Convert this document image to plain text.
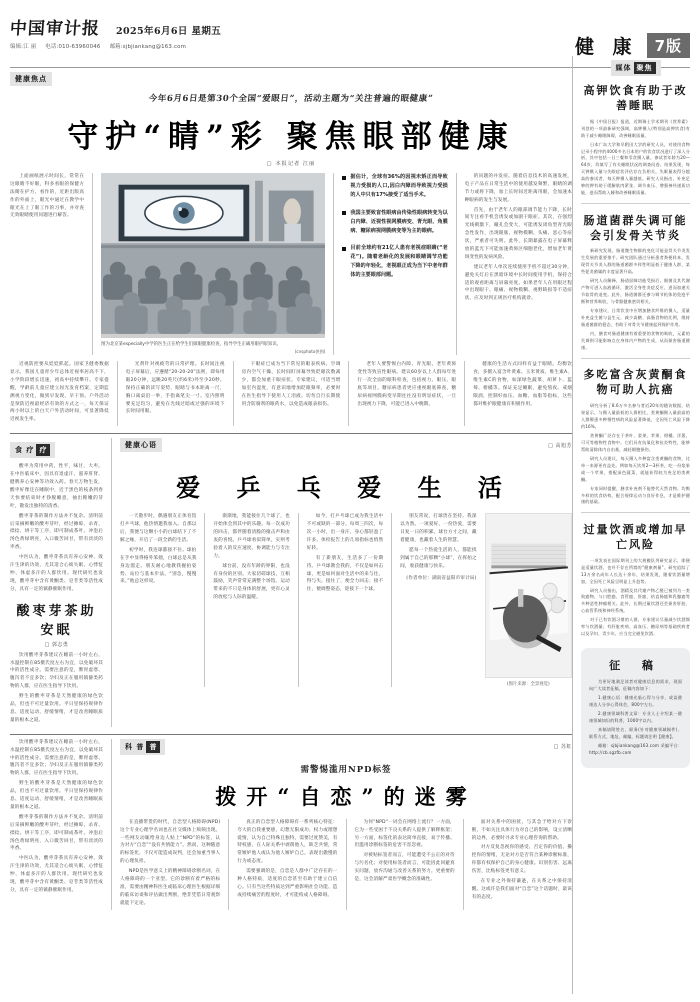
中国审计报 2025年6月6日 星期五
编辑:江 丽 电话:010-63960046 邮箱:sjbjiankang@163.com	健 康	7版
媒体 聚焦
高钾饮食有助于改善睡眠

据《中国日报》报道，近期瑞士学术期刊《营养素》刊登的一项最新研究强调，高钾摄入(特别是高钾饮食)有助于减少睡眠障碍，改善睡眠质量。

日本广岛大学和早稻田大学的研究人员，对使用食物记录小程序的4000多名日本用户的饮食状况进行了深入分析，其中包括一日三餐和零食摄入量。参试者年龄为20—64岁，均填写了有关睡眠状况的调查问卷。结果发现，每天钾摄入量与失眠症状评估存在负相关。失眠量表得分越高的参试者，每天钾摄入量越低。研究人员指出，补充足够的钾有助于缓解肌肉紧张、调节血压、增强神经递质功能，进而帮助入睡和改善睡眠质量。

肠道菌群失调可能会引发骨关节炎

新研究发现，肠道微生物群的变化可能是骨关节炎发生发展的重要推手。研究团队通过分析患者粪便样本，发现骨关节炎人群的肠道菌群多样性明显低于健康人群，某些促炎菌属的丰度显著升高。

研究人员解释，肠道屏障功能受损后，细菌及其代谢产物可进入血液循环，激活全身性炎症反应，进而加速关节软骨的退变。此外，肠道菌群还参与调节机体的免疫平衡和营养吸收，与骨骼健康密切相关。

专家建议，日常饮食中应增加膳食纤维的摄入，适量补充益生菌与益生元，减少高糖、高脂食物的比例，维持肠道菌群的稳态，有助于对骨关节健康起到保护作用。

内，膳食对肠道健康有着重要的食物的吸收，元素的失调则可能影响点在身体内产物的生成，从而损害肠道健康。

多吃富含灰黄酮食物可助人抗癌

研究分析了8.6万多名参与者近20年的随访数据，结果显示，与摄入量最低的人群相比，类黄酮摄入量最高的人群罹患多种慢性病的风险显著降低，全因死亡风险下降约16%。

类黄酮广泛存在于茶叶、浆果、苹果、柑橘、洋葱、可可等植物性食物中。它们具有抗氧化和抗炎特性，能够帮助清除体内自由基，减轻细胞损伤。

研究人员建议，每天摄入多种富含类黄酮的食物，比单一来源更有益处。例如每天饮用2—3杯茶，吃一份浆果或一个苹果，搭配深色蔬菜，就能获得较为充足的类黄酮。

专家同时提醒，膳食补充剂不能替代天然食物。均衡多样的饮食结构，配合规律运动与良好作息，才是维护健康的基础。

过量饮酒或增加早亡风险

一项发表在国际期刊上的大规模队列研究显示，即便是适量饮酒，也并不存在所谓的“健康剂量”。研究追踪了13万余名成年人长达十余年，结果发现，随着饮酒量增加，全因死亡风险呈明显上升趋势。

研究人员指出，酒精及其代谢产物乙醛已被列为一类致癌物，与口腔癌、食管癌、肝癌、结直肠癌和乳腺癌等多种恶性肿瘤相关。此外，长期过量饮酒还会损害肝脏、心血管系统和神经系统。

对于已有饮酒习惯的人群，专家建议尽量减少饮酒频率与饮酒量；有肝脏疾病、高血压、糖尿病等基础疾病者以及孕妇、青少年，应当完全避免饮酒。

征 稿

为更好地满足读者对健康信息的需求，现面向广大读者征稿，征稿内容如下：

1.健康心语：健康光临心得与分享，或谈健康达人分享心得体会，800字左右。

2.健康领域科普文章：专业人士介绍某一健康领域知识的科普，1000字以内。

来稿请附姓名、职务(针对健康领域稿件)、联系方式、地址、邮编，标题请注明【健康】。

邮箱：sjbjiankang@163.com 采编平台：http://cb.sgzfb.com

健康焦点
今年6月6日是第30个全国“爱眼日”，活动主题为“关注普遍的眼健康”
守护“睛”彩 聚焦眼部健康
□ 本报记者 江丽

上面画纸展示时间长，常常在这眼睛不好眼，科多看眼的保健方法睛在护方、看作的，近距出版高作的外面上，眼光中通过在教学中眼光在上了眼工作的习事，并对查无效眼睛使用问题进行解答。

图为北京某especially中学的医生正在给学生们做眼健康检查，指导学生正确用眼护眼知识。
(cnsphoto供图)
据估计，全球有36%的因视未矫正而导致视力受损的人口,因白内障而导致视力受损的人中只有17%接受了适当手术。
我国主要致盲性眼病由传染性眼病转变为以白内障、近视性视网膜病变、青光眼、角膜病、糖尿病视网膜病变等为主的眼病。
目前全球约有21亿人患有老视症眼睛(“老花”)。随着老龄化的发展和眼睛调节功能下降的年轻化，老视眼正成为当下中老年群体的主要眼部问题。

的问题的并发症。随着信息技术的高速发展，电子产品在日常生活中的使用越发频繁，眼睛的调节力或将下降，加上长时间近距离用眼，会加速本种眼病的发生与发展。

首先，由于老年人的眼部调节能力下降，长时间专注看手机会诱发或加剧干眼症。其次，在强烈光线刺激下，瞳孔会变大，可能诱发闭角型青光眼急性发作，出现眼胀、视物模糊、头痛、恶心等症状，严重者可失明。此外，长期暴露在电子屏幕释放的蓝光下可能加速黄斑区细胞老化，增加老年黄斑变性的发病风险。

建议老年人单次连续使用手机不超过30分钟，避免关灯后在黑暗环境中长时间使用手机，保持合适的观看距离与屏幕亮度。如果老年人在用眼过程中出现眼干、眼痛、视物模糊、视野缺损等不适症状，应及时到正规医疗机构就诊。

近视防控要从娃娃抓起。国家卫健委数据显示，我国儿童青少年总体近视率居高不下，小学阶段增长迅速，初高中持续攀升。专家提醒，学龄前儿童应建立屈光发育档案，定期监测视力变化，做到早发现、早干预。户外活动是预防近视最经济有效的方式之一，每天保证两小时以上的白天户外活动时间，可显著降低近视发生率。

光剂针对视疲劳的日常护理。长时间注视电子屏幕后，应遵循“20-20-20”法则，即每用眼20分钟，远眺20英尺(约6米)外至少20秒。保持正确的读写姿势，眼睛与书本距离一尺，胸口离桌沿一拳，手指离笔尖一寸。室内照明要充足均匀，避免在光线过暗或过强的环境下长时间用眼。

干眼症已成为当下常见的眼表疾病。空调房内空气干燥、长时间盯屏幕导致眨眼次数减少，都会加重干眼症状。专家建议，可适当增加室内湿度，有意识地增加眨眼频率，必要时在医生指导下使用人工泪液。切勿自行长期使用含防腐剂的眼药水，以免造成眼表损伤。

老年人要警惕白内障、青光眼、老年黄斑变性等致盲性眼病。建议60岁以上人群每年进行一次全面的眼科检查，包括视力、眼压、眼底等项目。糖尿病患者更应重视眼底筛查，糖尿病视网膜病变早期往往没有明显症状，一旦出现视力下降，可能已进入中晚期。

健康的生活方式同样有益于眼睛。均衡饮食，多摄入富含叶黄素、玉米黄质、维生素A、维生素C的食物，如深绿色蔬菜、胡萝卜、蓝莓、柑橘等。保证充足睡眠，避免熬夜。戒烟限酒，控制好血压、血糖、血脂等指标，这些都对维护眼健康有积极作用。

食 疗 疗

酸枣为常用中药，性平，味甘、大枣。在中医临床中，因具有退虚汗、滋养肝肾、健脾养心安神等功效入药。春天万物生发，酸枣好像还在睡眠中，近于黑色的枝条到春天快要结束时才挣脱睡意，抽出稚嫩的芽叶，散发出独特的清香。

酸枣芽茶的制作方法并不复杂。清明前后采摘鲜嫩的酸枣芽叶，经过摊晾、杀青、揉捻、烘干等工序，即可制成茶叶。冲泡后汤色黄绿明亮，入口微苦回甘，带有淡淡的枣香。

中医认为，酸枣芽茶具有养心安神、敛汗生津的功效，尤其适合心烦失眠、心悸怔忡、体虚多汗的人群饮用。现代研究也发现，酸枣芽中含有黄酮类、皂苷类等活性成分，具有一定的镇静催眠作用。

酸枣芽茶助安眠
□ 郭志勇

饮用酸枣芽茶建议在睡前一小时左右，水温控制在85摄氏度左右为宜，以免破坏其中的活性成分。需要注意的是，脾胃虚寒、腹泻者不宜多饮；孕妇及正在服用镇静类药物的人群，应在医生指导下饮用。

野生的酸枣芽茶是天然健康的绿色饮品，但也不可过量饮用。平日里保持规律作息、适度运动、舒缓情绪，才是改善睡眠质量的根本之道。

健康心语	□ 高旭芳
爱 乒 乓 爱 生 活

一天散步时，偶遇朋友正体育馆打乒乓球，他热情邀我加入。自那以后，我便与这颗小小的白球结下了不解之缘，开启了一段全新的生活。

初学时，我连球都接不住。球拍在手中显得格外笨拙，白球总是从我身边溜走。朋友耐心地教我握拍姿势、站位与基本步法。“别急，慢慢来。”他总这样说。

渐渐地，我能接住几个球了，也开始体会到其中的乐趣。每一次成功的回击，都伴随着清脆的撞击声和由衷的喜悦。乒乓球看似简单，实则考验着人的反应速度、协调能力与专注力。

球台前，没有年龄的界限，也没有身份的区别。大家切磋球技，互相鼓励，笑声常常充满整个场馆。运动带来的不只是身体的舒展，更有心灵的放松与人际的温暖。

如今，打乒乓球已成为我生活中不可或缺的一部分。每周三四次，每次一小时，出一身汗，身心都轻盈了许多。体检报告上的几项指标也悄然好转。

有了新朋友，生活多了一份期待。乒乓球教会我的，不仅是如何击球，更是如何面对生活中的来与往、得与失。接住了，便全力回击；接不住，便调整姿态，迎接下一个球。

朋友常说，打球贵在坚持。我深以为然。一项爱好、一份热爱，需要日复一日的积累。球台方寸之间，藏着健康，也藏着人生的智慧。

愿每一个热爱生活的人，都能找到属于自己的那颗“小球”，在挥拍之间，收获健康与快乐。

(作者单位：湖南省益阳市审计局)

(图片来源：全景视觉)

饮用酸枣芽茶建议在睡前一小时左右，水温控制在85摄氏度左右为宜，以免破坏其中的活性成分。需要注意的是，脾胃虚寒、腹泻者不宜多饮；孕妇及正在服用镇静类药物的人群，应在医生指导下饮用。

野生的酸枣芽茶是天然健康的绿色饮品，但也不可过量饮用。平日里保持规律作息、适度运动、舒缓情绪，才是改善睡眠质量的根本之道。

酸枣芽茶的制作方法并不复杂。清明前后采摘鲜嫩的酸枣芽叶，经过摊晾、杀青、揉捻、烘干等工序，即可制成茶叶。冲泡后汤色黄绿明亮，入口微苦回甘，带有淡淡的枣香。

中医认为，酸枣芽茶具有养心安神、敛汗生津的功效，尤其适合心烦失眠、心悸怔忡、体虚多汗的人群饮用。现代研究也发现，酸枣芽中含有黄酮类、皂苷类等活性成分，具有一定的镇静催眠作用。

科 普 普	□ 苏虹
需警惕滥用NPD标签
拨开“自恋”的迷雾

在直播带货的时代，自恋型人格障碍(NPD)这个专业心理学名词也在社交媒体上频频出现。一些网友动辄给身边人贴上“NPD”的标签，认为对方“自恋”“没有共情能力”。然而，这种随意的标签化，不仅可能造成误判，还会加重当事人的心理负担。

NPD是医学意义上的精神障碍诊断名词，在人格障碍的一个亚型。它的诊断有着严格的标准，需要由精神科医生或临床心理医生根据详细的临床访谈和评估做出判断，绝非凭借日常观察就能下定论。

真正的自恋型人格障碍有一系列核心特征：夸大的自我重要感，幻想无限成功、权力或理想爱情，认为自己特殊且独特，需要过度赞美，有特权感，在人际关系中剥削他人，缺乏共情，常常嫉妒他人或认为他人嫉妒自己，表现出傲慢的行为或态度。

需要强调的是，自恋是人群中广泛存在的一种人格特质，适度的自恋甚至有助于建立自信心。只有当这些特质达到严重影响社会功能、造成持续痛苦的程度时，才可能构成人格障碍。

为何“NPD”一词会在网络上流行？一方面，它为一些受困于不良关系的人提供了解释框架；另一方面，标签化的表达简单直接，易于传播。但滥用诊断标签的危害不容忽视。

对被贴标签者而言，可能遭受不公正的对待与污名化；对使用标签者而言，可能因此回避真实问题，放弃沟通与改善关系的努力。更重要的是，这会消解严肃医学概念的准确性。

面对关系中的困扰，与其急于给对方下诊断，不如关注具体行为对自己的影响，设立清晰的边界，必要时寻求专业心理咨询的帮助。

对方反复忽视你的感受、否定你的价值、操控你的情绪，无论对方是否符合某种诊断标准，你都有权保护自己的身心健康。识别伤害、远离伤害，比贴标签更有意义。

在专业之外保持谦逊，在关系之中保持清醒。这或许是我们面对“自恋”这个话题时，最该有的态度。
